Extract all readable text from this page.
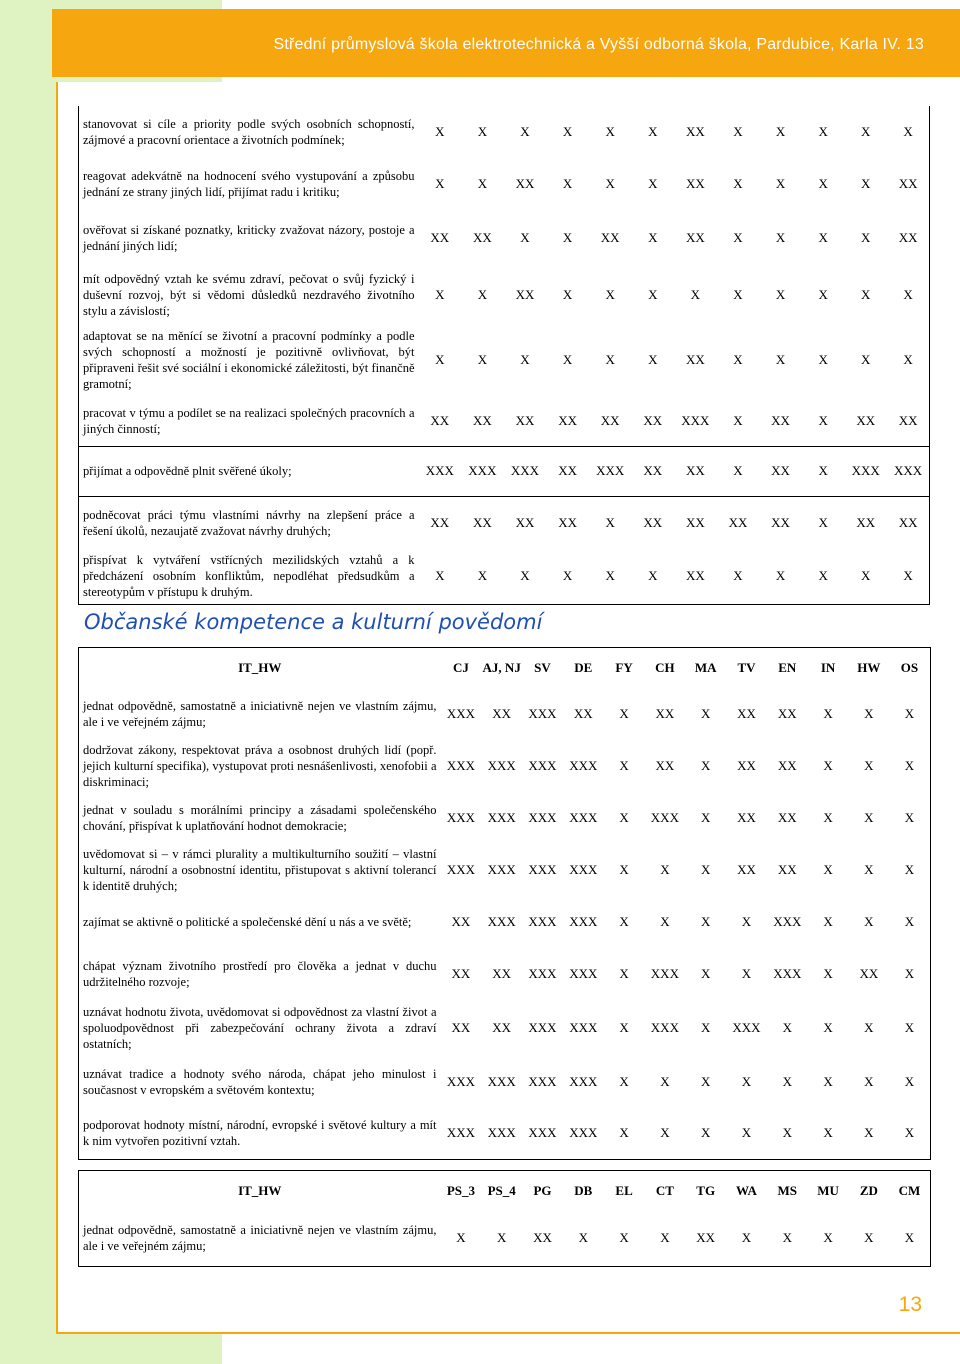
Střední průmyslová škola elektrotechnická a Vyšší odborná škola, Pardubice, Karla IV. 13
stanovovat si cíle a priority podle svých osobních schopností, zájmové a pracovní orientace a životních podmínek;	X	X	X	X	X	X	XX	X	X	X	X	X
reagovat adekvátně na hodnocení svého vystupování a způsobu jednání ze strany jiných lidí, přijímat radu i kritiku;	X	X	XX	X	X	X	XX	X	X	X	X	XX
ověřovat si získané poznatky, kriticky zvažovat názory, postoje a jednání jiných lidí;	XX	XX	X	X	XX	X	XX	X	X	X	X	XX
mít odpovědný vztah ke svému zdraví, pečovat o svůj fyzický i duševní rozvoj, být si vědomi důsledků nezdravého životního stylu a závislostí;	X	X	XX	X	X	X	X	X	X	X	X	X
adaptovat se na měnící se životní a pracovní podmínky a podle svých schopností a možností je pozitivně ovlivňovat, být připraveni řešit své sociální i ekonomické záležitosti, být finančně gramotní;	X	X	X	X	X	X	XX	X	X	X	X	X
pracovat v týmu a podílet se na realizaci společných pracovních a jiných činností;	XX	XX	XX	XX	XX	XX	XXX	X	XX	X	XX	XX

přijímat a odpovědně plnit svěřené úkoly;	XXX	XXX	XXX	XX	XXX	XX	XX	X	XX	X	XXX	XXX

podněcovat práci týmu vlastními návrhy na zlepšení práce a řešení úkolů, nezaujatě zvažovat návrhy druhých;	XX	XX	XX	XX	X	XX	XX	XX	XX	X	XX	XX
přispívat k vytváření vstřícných mezilidských vztahů a k předcházení osobním konfliktům, nepodléhat předsudkům a stereotypům v přístupu k druhým.	X	X	X	X	X	X	XX	X	X	X	X	X
Občanské kompetence a kulturní povědomí
IT_HW	CJ	AJ, NJ	SV	DE	FY	CH	MA	TV	EN	IN	HW	OS
jednat odpovědně, samostatně a iniciativně nejen ve vlastním zájmu, ale i ve veřejném zájmu;	XXX	XX	XXX	XX	X	XX	X	XX	XX	X	X	X
dodržovat zákony, respektovat práva a osobnost druhých lidí (popř. jejich kulturní specifika), vystupovat proti nesnášenlivosti, xenofobii a diskriminaci;	XXX	XXX	XXX	XXX	X	XX	X	XX	XX	X	X	X
jednat v souladu s morálními principy a zásadami společenského chování, přispívat k uplatňování hodnot demokracie;	XXX	XXX	XXX	XXX	X	XXX	X	XX	XX	X	X	X
uvědomovat si – v rámci plurality a multikulturního soužití – vlastní kulturní, národní a osobnostní identitu, přistupovat s aktivní tolerancí k identitě druhých;	XXX	XXX	XXX	XXX	X	X	X	XX	XX	X	X	X
zajímat se aktivně o politické a společenské dění u nás a ve světě;	XX	XXX	XXX	XXX	X	X	X	X	XXX	X	X	X
chápat význam životního prostředí pro člověka a jednat v duchu udržitelného rozvoje;	XX	XX	XXX	XXX	X	XXX	X	X	XXX	X	XX	X
uznávat hodnotu života, uvědomovat si odpovědnost za vlastní život a spoluodpovědnost při zabezpečování ochrany života a zdraví ostatních;	XX	XX	XXX	XXX	X	XXX	X	XXX	X	X	X	X
uznávat tradice a hodnoty svého národa, chápat jeho minulost i současnost v evropském a světovém kontextu;	XXX	XXX	XXX	XXX	X	X	X	X	X	X	X	X
podporovat hodnoty místní, národní, evropské i světové kultury a mít k nim vytvořen pozitivní vztah.	XXX	XXX	XXX	XXX	X	X	X	X	X	X	X	X
IT_HW	PS_3	PS_4	PG	DB	EL	CT	TG	WA	MS	MU	ZD	CM
jednat odpovědně, samostatně a iniciativně nejen ve vlastním zájmu, ale i ve veřejném zájmu;	X	X	XX	X	X	X	XX	X	X	X	X	X
13
